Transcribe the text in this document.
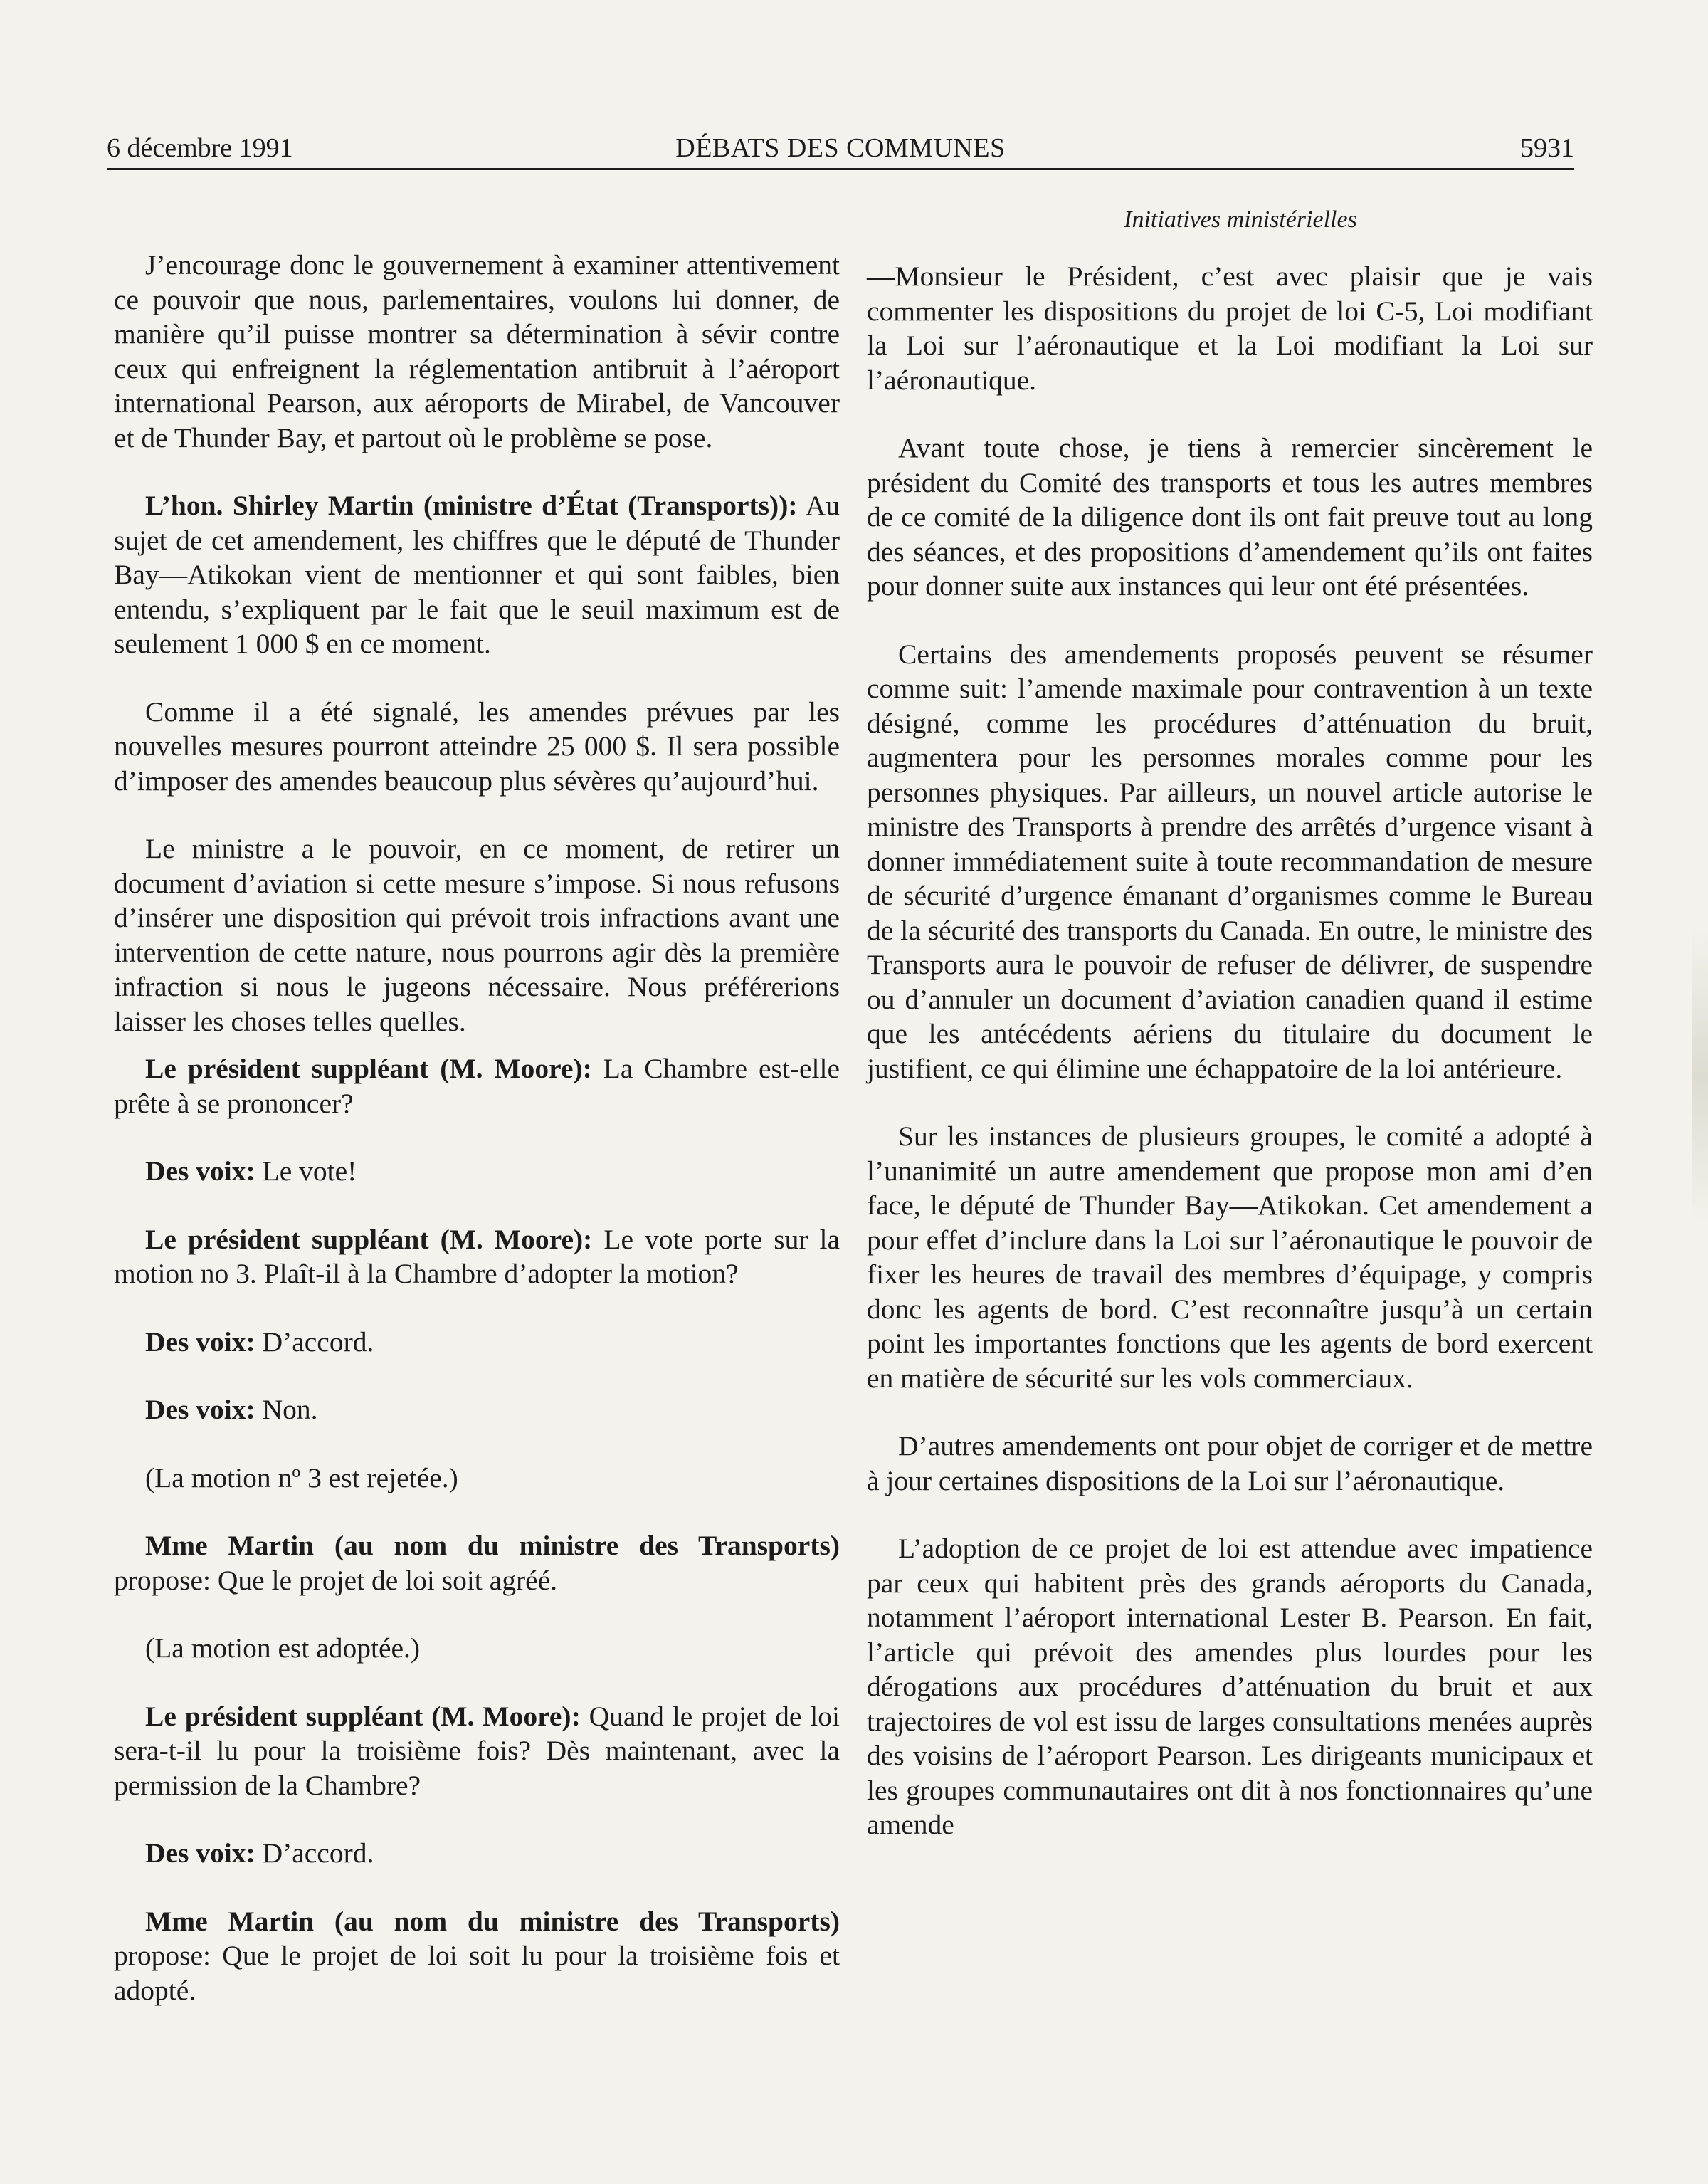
6 décembre 1991	DÉBATS DES COMMUNES	5931

J’encourage donc le gouvernement à examiner attentivement ce pouvoir que nous, parlementaires, voulons lui donner, de manière qu’il puisse montrer sa détermination à sévir contre ceux qui enfreignent la réglementation antibruit à l’aéroport international Pearson, aux aéroports de Mirabel, de Vancouver et de Thunder Bay, et partout où le problème se pose.

L’hon. Shirley Martin (ministre d’État (Transports)): Au sujet de cet amendement, les chiffres que le député de Thunder Bay—Atikokan vient de mentionner et qui sont faibles, bien entendu, s’expliquent par le fait que le seuil maximum est de seulement 1 000 $ en ce moment.

Comme il a été signalé, les amendes prévues par les nouvelles mesures pourront atteindre 25 000 $. Il sera possible d’imposer des amendes beaucoup plus sévères qu’aujourd’hui.

Le ministre a le pouvoir, en ce moment, de retirer un document d’aviation si cette mesure s’impose. Si nous refusons d’insérer une disposition qui prévoit trois infractions avant une intervention de cette nature, nous pourrons agir dès la première infraction si nous le jugeons nécessaire. Nous préférerions laisser les choses telles quelles.

Le président suppléant (M. Moore): La Chambre est-elle prête à se prononcer?

Des voix: Le vote!

Le président suppléant (M. Moore): Le vote porte sur la motion no 3. Plaît-il à la Chambre d’adopter la motion?

Des voix: D’accord.

Des voix: Non.

(La motion $n^o$ 3 est rejetée.)

Mme Martin (au nom du ministre des Transports) propose: Que le projet de loi soit agréé.

(La motion est adoptée.)

Le président suppléant (M. Moore): Quand le projet de loi sera-t-il lu pour la troisième fois? Dès maintenant, avec la permission de la Chambre?

Des voix: D’accord.

Mme Martin (au nom du ministre des Transports) propose: Que le projet de loi soit lu pour la troisième fois et adopté.

Initiatives ministérielles

—Monsieur le Président, c’est avec plaisir que je vais commenter les dispositions du projet de loi C-5, Loi modifiant la Loi sur l’aéronautique et la Loi modifiant la Loi sur l’aéronautique.

Avant toute chose, je tiens à remercier sincèrement le président du Comité des transports et tous les autres membres de ce comité de la diligence dont ils ont fait preuve tout au long des séances, et des propositions d’amendement qu’ils ont faites pour donner suite aux instances qui leur ont été présentées.

Certains des amendements proposés peuvent se résumer comme suit: l’amende maximale pour contravention à un texte désigné, comme les procédures d’atténuation du bruit, augmentera pour les personnes morales comme pour les personnes physiques. Par ailleurs, un nouvel article autorise le ministre des Transports à prendre des arrêtés d’urgence visant à donner immédiatement suite à toute recommandation de mesure de sécurité d’urgence émanant d’organismes comme le Bureau de la sécurité des transports du Canada. En outre, le ministre des Transports aura le pouvoir de refuser de délivrer, de suspendre ou d’annuler un document d’aviation canadien quand il estime que les antécédents aériens du titulaire du document le justifient, ce qui élimine une échappatoire de la loi antérieure.

Sur les instances de plusieurs groupes, le comité a adopté à l’unanimité un autre amendement que propose mon ami d’en face, le député de Thunder Bay—Atikokan. Cet amendement a pour effet d’inclure dans la Loi sur l’aéronautique le pouvoir de fixer les heures de travail des membres d’équipage, y compris donc les agents de bord. C’est reconnaître jusqu’à un certain point les importantes fonctions que les agents de bord exercent en matière de sécurité sur les vols commerciaux.

D’autres amendements ont pour objet de corriger et de mettre à jour certaines dispositions de la Loi sur l’aéronautique.

L’adoption de ce projet de loi est attendue avec impatience par ceux qui habitent près des grands aéroports du Canada, notamment l’aéroport international Lester B. Pearson. En fait, l’article qui prévoit des amendes plus lourdes pour les dérogations aux procédures d’atténuation du bruit et aux trajectoires de vol est issu de larges consultations menées auprès des voisins de l’aéroport Pearson. Les dirigeants municipaux et les groupes communautaires ont dit à nos fonctionnaires qu’une amende
